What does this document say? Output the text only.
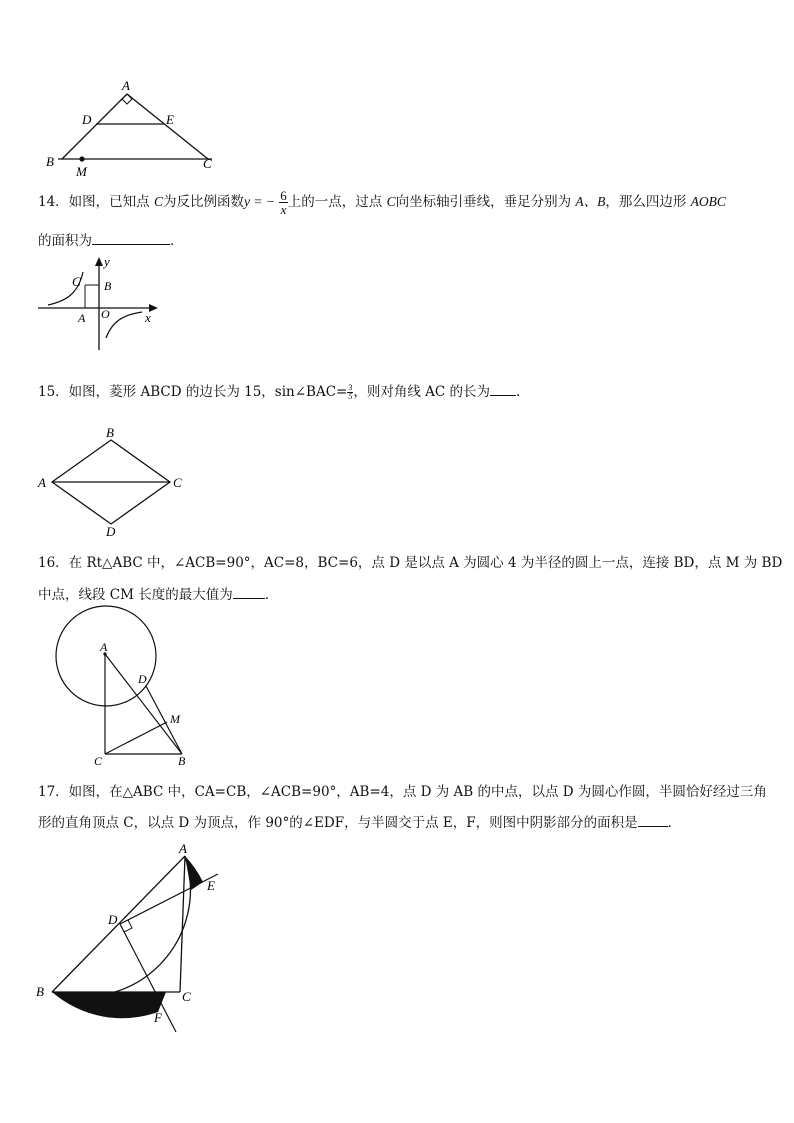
A
D	E
B	C
M
14．如图，已知点 C为反比例函数y = − $\frac{6}{x}$ 上的一点，过点 C向坐标轴引垂线，垂足分别为 A、B，那么四边形 AOBC
的面积为	．
y
x
C B
A O
15．如图，菱形 ABCD 的边长为 15，sin∠BAC= $\frac{3}{5}$ ，则对角线 AC 的长为 .
B
A	C
D
16．在 Rt△ABC 中，∠ACB=90°，AC=8，BC=6，点 D 是以点 A 为圆心 4 为半径的圆上一点，连接 BD，点 M 为 BD
中点，线段 CM 长度的最大值为 ．
A
D
M
C	B
17．如图，在△ABC 中，CA=CB，∠ACB=90°，AB=4，点 D 为 AB 的中点，以点 D 为圆心作圆，半圆恰好经过三角
形的直角顶点 C，以点 D 为顶点，作 90°的∠EDF，与半圆交于点 E，F，则图中阴影部分的面积是 ．
A
E
D
B	C
F
